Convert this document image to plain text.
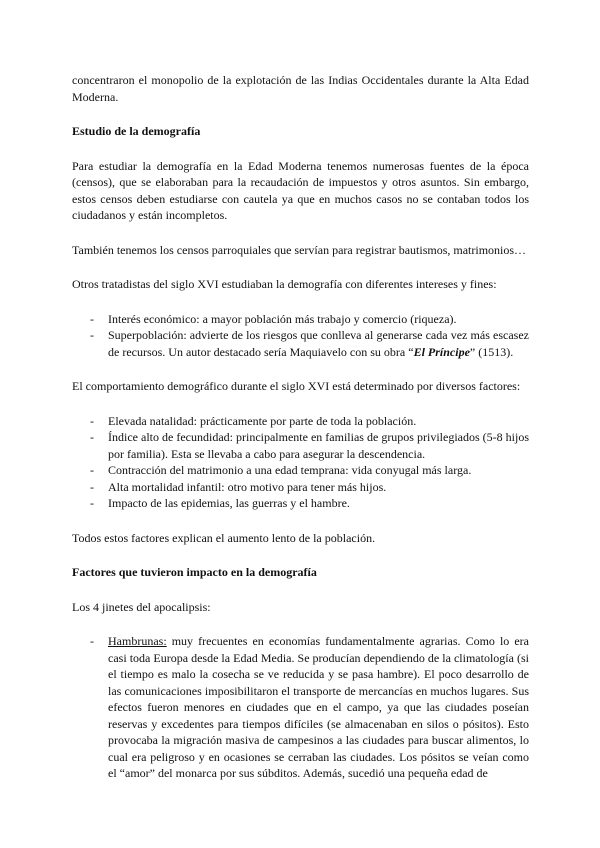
concentraron el monopolio de la explotación de las Indias Occidentales durante la Alta Edad Moderna.

Estudio de la demografía

Para estudiar la demografía en la Edad Moderna tenemos numerosas fuentes de la época (censos), que se elaboraban para la recaudación de impuestos y otros asuntos. Sin embargo, estos censos deben estudiarse con cautela ya que en muchos casos no se contaban todos los ciudadanos y están incompletos.

También tenemos los censos parroquiales que servían para registrar bautismos, matrimonios…

Otros tratadistas del siglo XVI estudiaban la demografía con diferentes intereses y fines:

- Interés económico: a mayor población más trabajo y comercio (riqueza).
- Superpoblación: advierte de los riesgos que conlleva al generarse cada vez más escasez de recursos. Un autor destacado sería Maquiavelo con su obra “El Príncipe” (1513).

El comportamiento demográfico durante el siglo XVI está determinado por diversos factores:

- Elevada natalidad: prácticamente por parte de toda la población.
- Índice alto de fecundidad: principalmente en familias de grupos privilegiados (5-8 hijos por familia). Esta se llevaba a cabo para asegurar la descendencia.
- Contracción del matrimonio a una edad temprana: vida conyugal más larga.
- Alta mortalidad infantil: otro motivo para tener más hijos.
- Impacto de las epidemias, las guerras y el hambre.

Todos estos factores explican el aumento lento de la población.

Factores que tuvieron impacto en la demografía

Los 4 jinetes del apocalipsis:

- Hambrunas: muy frecuentes en economías fundamentalmente agrarias. Como lo era casi toda Europa desde la Edad Media. Se producían dependiendo de la climatología (si el tiempo es malo la cosecha se ve reducida y se pasa hambre). El poco desarrollo de las comunicaciones imposibilitaron el transporte de mercancías en muchos lugares. Sus efectos fueron menores en ciudades que en el campo, ya que las ciudades poseían reservas y excedentes para tiempos difíciles (se almacenaban en silos o pósitos). Esto provocaba la migración masiva de campesinos a las ciudades para buscar alimentos, lo cual era peligroso y en ocasiones se cerraban las ciudades. Los pósitos se veían como el “amor” del monarca por sus súbditos. Además, sucedió una pequeña edad de
